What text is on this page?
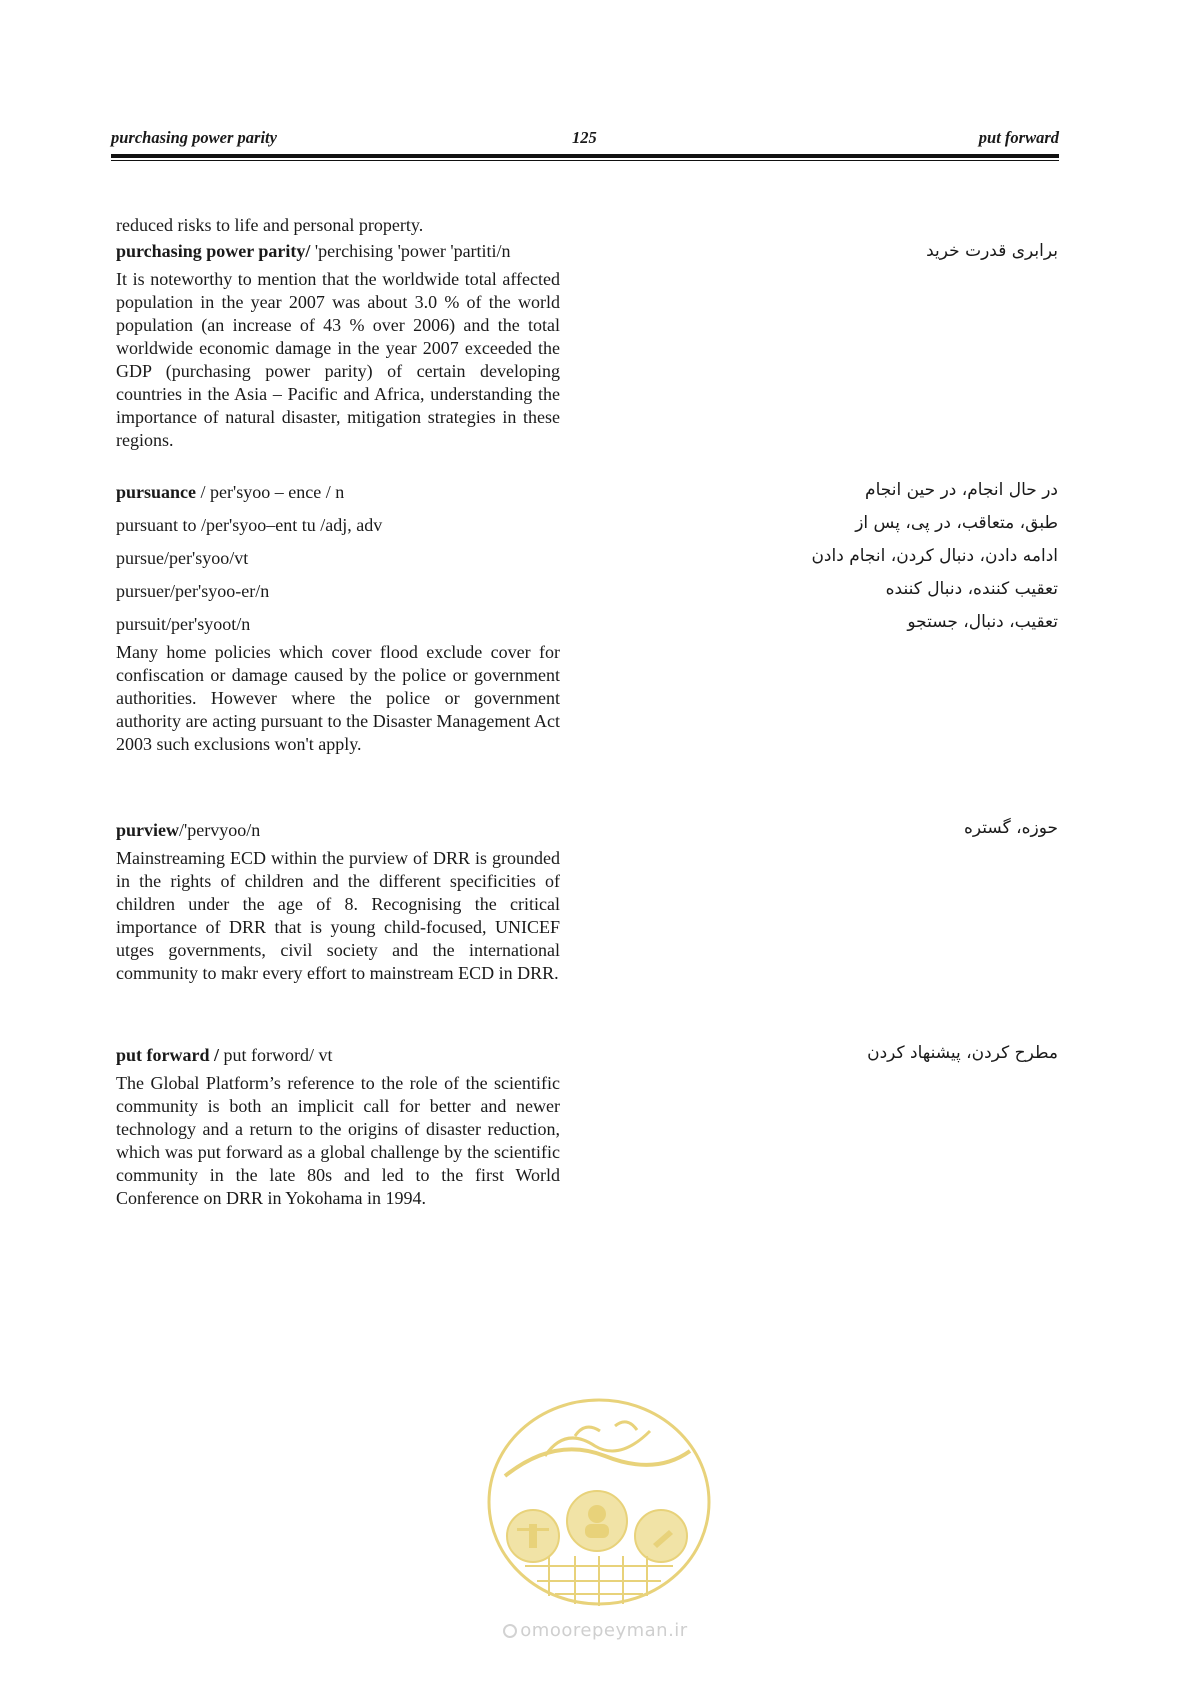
purchasing power parity	125	put forward
reduced risks to life and personal property.
purchasing power parity/ 'perchising 'power 'partiti/n	برابری قدرت خرید
It is noteworthy to mention that the worldwide total affected population in the year 2007 was about 3.0 % of the world population (an increase of 43 % over 2006) and the total worldwide economic damage in the year 2007 exceeded the GDP (purchasing power parity) of certain developing countries in the Asia – Pacific and Africa, understanding the importance of natural disaster, mitigation strategies in these regions.
pursuance / per'syoo – ence / n	در حال انجام، در حین انجام
pursuant to /per'syoo–ent tu /adj, adv	طبق، متعاقب، در پی، پس از
pursue/per'syoo/vt	ادامه دادن، دنبال کردن، انجام دادن
pursuer/per'syoo-er/n	تعقیب کننده، دنبال کننده
pursuit/per'syoot/n	تعقیب، دنبال، جستجو
Many home policies which cover flood exclude cover for confiscation or damage caused by the police or government authorities. However where the police or government authority are acting pursuant to the Disaster Management Act 2003 such exclusions won't apply.
purview/'pervyoo/n	حوزه، گستره
Mainstreaming ECD within the purview of DRR is grounded in the rights of children and the different specificities of children under the age of 8. Recognising the critical importance of DRR that is young child-focused, UNICEF utges governments, civil society and the international community to makr every effort to mainstream ECD in DRR.
put forward / put forword/ vt	مطرح کردن، پیشنهاد کردن
The Global Platform’s reference to the role of the scientific community is both an implicit call for better and newer technology and a return to the origins of disaster reduction, which was put forward as a global challenge by the scientific community in the late 80s and led to the first World Conference on DRR in Yokohama in 1994.
omoorepeyman.ir
